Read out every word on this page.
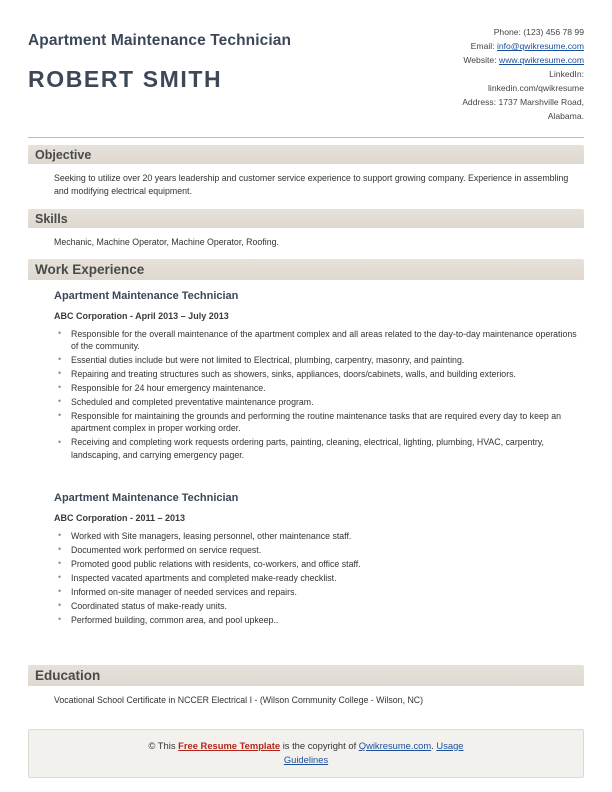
Apartment Maintenance Technician
ROBERT SMITH
Phone: (123) 456 78 99
Email: info@qwikresume.com
Website: www.qwikresume.com
LinkedIn:
linkedin.com/qwikresume
Address: 1737 Marshville Road,
Alabama.
Objective
Seeking to utilize over 20 years leadership and customer service experience to support growing company. Experience in assembling and modifying electrical equipment.
Skills
Mechanic, Machine Operator, Machine Operator, Roofing.
Work Experience
Apartment Maintenance Technician
ABC Corporation - April 2013 – July 2013
• Responsible for the overall maintenance of the apartment complex and all areas related to the day-to-day maintenance operations of the community.
• Essential duties include but were not limited to Electrical, plumbing, carpentry, masonry, and painting.
• Repairing and treating structures such as showers, sinks, appliances, doors/cabinets, walls, and building exteriors.
• Responsible for 24 hour emergency maintenance.
• Scheduled and completed preventative maintenance program.
• Responsible for maintaining the grounds and performing the routine maintenance tasks that are required every day to keep an apartment complex in proper working order.
• Receiving and completing work requests ordering parts, painting, cleaning, electrical, lighting, plumbing, HVAC, carpentry, landscaping, and carrying emergency pager.
Apartment Maintenance Technician
ABC Corporation - 2011 – 2013
• Worked with Site managers, leasing personnel, other maintenance staff.
• Documented work performed on service request.
• Promoted good public relations with residents, co-workers, and office staff.
• Inspected vacated apartments and completed make-ready checklist.
• Informed on-site manager of needed services and repairs.
• Coordinated status of make-ready units.
• Performed building, common area, and pool upkeep..
Education
Vocational School Certificate in NCCER Electrical I - (Wilson Community College - Wilson, NC)
© This Free Resume Template is the copyright of Qwikresume.com. Usage
Guidelines
